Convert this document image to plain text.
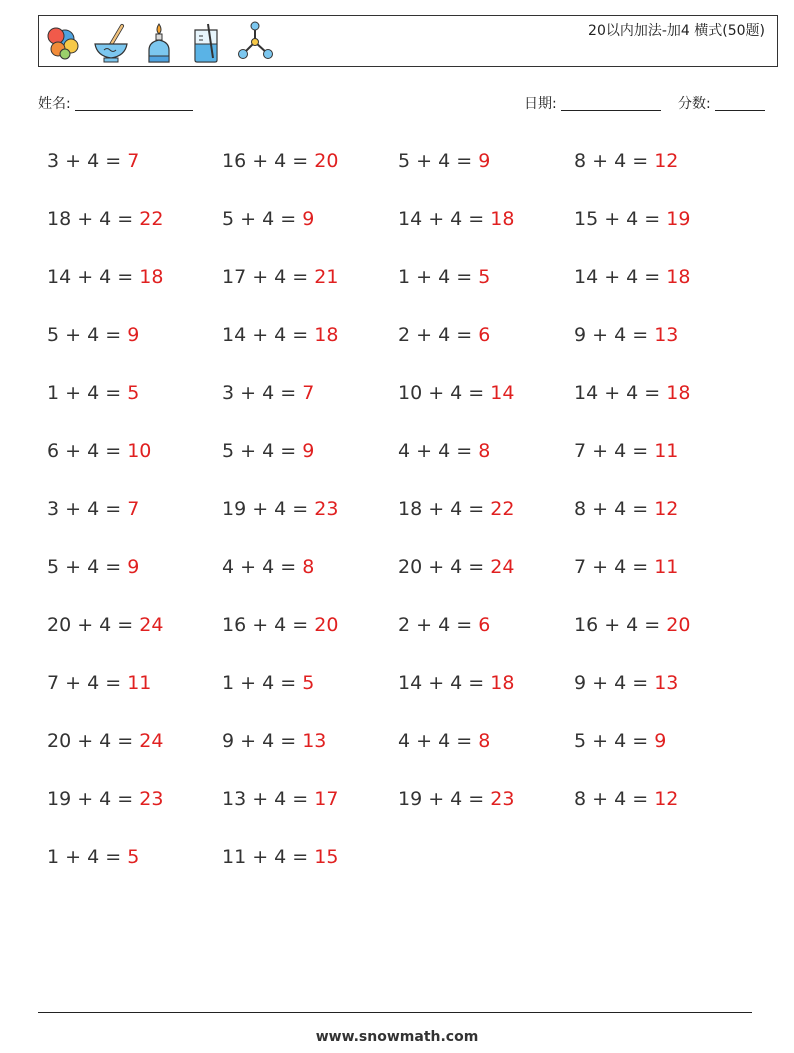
20以内加法-加4 横式(50题)
姓名:	日期:	分数:
3 + 4 = 7	16 + 4 = 20	5 + 4 = 9	8 + 4 = 12
18 + 4 = 22	5 + 4 = 9	14 + 4 = 18	15 + 4 = 19
14 + 4 = 18	17 + 4 = 21	1 + 4 = 5	14 + 4 = 18
5 + 4 = 9	14 + 4 = 18	2 + 4 = 6	9 + 4 = 13
1 + 4 = 5	3 + 4 = 7	10 + 4 = 14	14 + 4 = 18
6 + 4 = 10	5 + 4 = 9	4 + 4 = 8	7 + 4 = 11
3 + 4 = 7	19 + 4 = 23	18 + 4 = 22	8 + 4 = 12
5 + 4 = 9	4 + 4 = 8	20 + 4 = 24	7 + 4 = 11
20 + 4 = 24	16 + 4 = 20	2 + 4 = 6	16 + 4 = 20
7 + 4 = 11	1 + 4 = 5	14 + 4 = 18	9 + 4 = 13
20 + 4 = 24	9 + 4 = 13	4 + 4 = 8	5 + 4 = 9
19 + 4 = 23	13 + 4 = 17	19 + 4 = 23	8 + 4 = 12
1 + 4 = 5	11 + 4 = 15
www.snowmath.com
